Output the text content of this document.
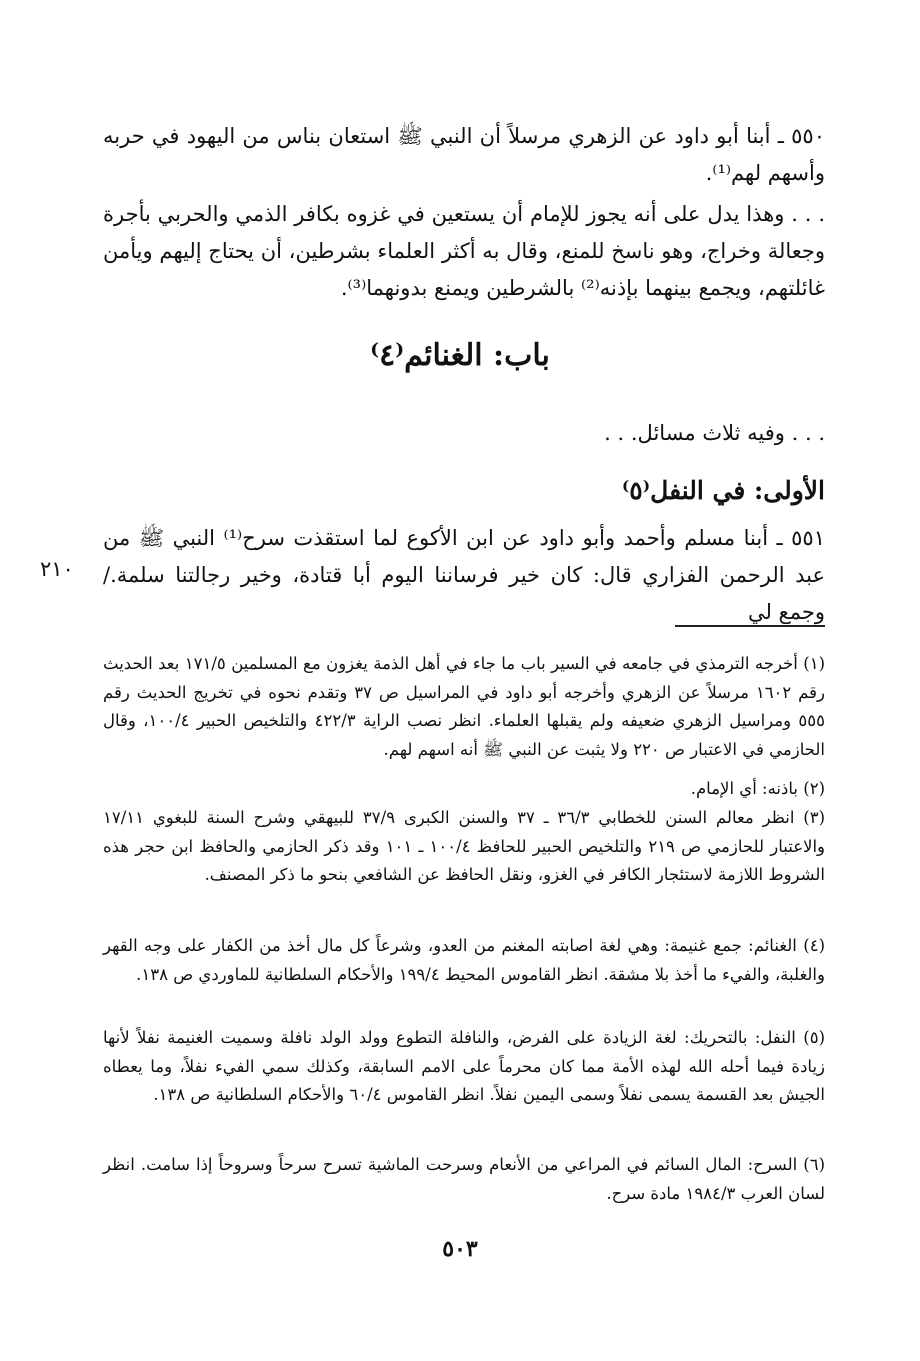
٥٥٠ ـ أبنا أبو داود عن الزهري مرسلاً أن النبي ﷺ استعان بناس من اليهود في حربه وأسهم لهم⁽¹⁾.

. . . وهذا يدل على أنه يجوز للإمام أن يستعين في غزوه بكافر الذمي والحربي بأجرة وجعالة وخراج، وهو ناسخ للمنع، وقال به أكثر العلماء بشرطين، أن يحتاج إليهم ويأمن غائلتهم، ويجمع بينهما بإذنه⁽²⁾ بالشرطين ويمنع بدونهما⁽³⁾.

باب: الغنائم⁽٤⁾

. . . وفيه ثلاث مسائل. . .

الأولى: في النفل⁽٥⁾

٥٥١ ـ أبنا مسلم وأحمد وأبو داود عن ابن الأكوع لما استقذت سرح⁽¹⁾ النبي ﷺ من عبد الرحمن الفزاري قال: كان خير فرساننا اليوم أبا قتادة، وخير رجالتنا سلمة./ وجمع لي

٢١٠

(١) أخرجه الترمذي في جامعه في السير باب ما جاء في أهل الذمة يغزون مع المسلمين ١٧١/٥ بعد الحديث رقم ١٦٠٢ مرسلاً عن الزهري وأخرجه أبو داود في المراسيل ص ٣٧ وتقدم نحوه في تخريج الحديث رقم ٥٥٥ ومراسيل الزهري ضعيفه ولم يقبلها العلماء. انظر نصب الراية ٤٢٢/٣ والتلخيص الحبير ١٠٠/٤، وقال الحازمي في الاعتبار ص ٢٢٠ ولا يثبت عن النبي ﷺ أنه اسهم لهم.

(٢) باذنه: أي الإمام.

(٣) انظر معالم السنن للخطابي ٣٦/٣ ـ ٣٧ والسنن الكبرى ٣٧/٩ للبيهقي وشرح السنة للبغوي ١٧/١١ والاعتبار للحازمي ص ٢١٩ والتلخيص الحبير للحافظ ١٠٠/٤ ـ ١٠١ وقد ذكر الحازمي والحافظ ابن حجر هذه الشروط اللازمة لاستئجار الكافر في الغزو، ونقل الحافظ عن الشافعي بنحو ما ذكر المصنف.

(٤) الغنائم: جمع غنيمة: وهي لغة اصابته المغنم من العدو، وشرعاً كل مال أخذ من الكفار على وجه القهر والغلبة، والفيء ما أخذ بلا مشقة. انظر القاموس المحيط ١٩٩/٤ والأحكام السلطانية للماوردي ص ١٣٨.

(٥) النفل: بالتحريك: لغة الزيادة على الفرض، والنافلة التطوع وولد الولد نافلة وسميت الغنيمة نفلاً لأنها زيادة فيما أحله الله لهذه الأمة مما كان محرماً على الامم السابقة، وكذلك سمي الفيء نفلاً، وما يعطاه الجيش بعد القسمة يسمى نفلاً وسمى اليمين نفلاً. انظر القاموس ٦٠/٤ والأحكام السلطانية ص ١٣٨.

(٦) السرح: المال السائم في المراعي من الأنعام وسرحت الماشية تسرح سرحاً وسروحاً إذا سامت. انظر لسان العرب ١٩٨٤/٣ مادة سرح.

٥٠٣
